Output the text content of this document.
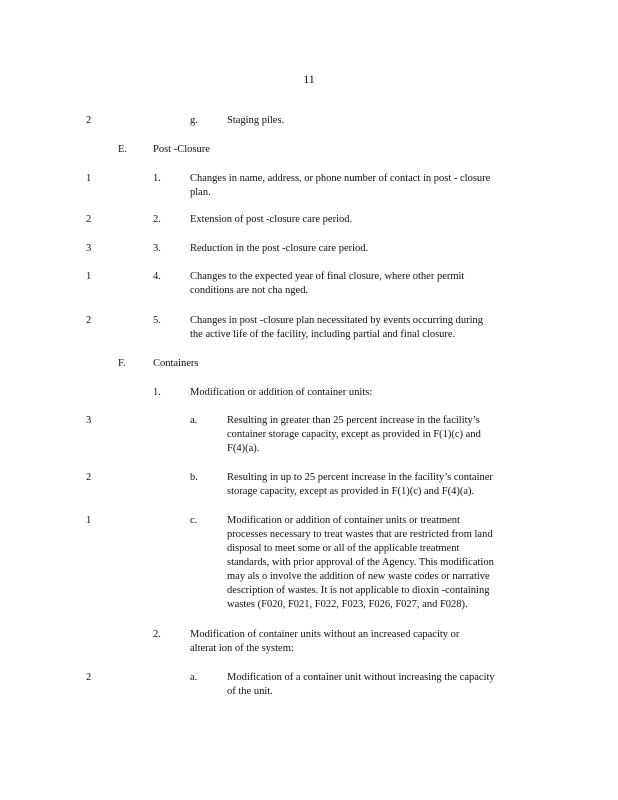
11
2	g.	Staging piles.
E. Post -Closure
1	1.	Changes in name, address, or phone number of contact in post - closure
plan.
2	2.	Extension of post -closure care period.
3	3.	Reduction in the post -closure care period.
1	4.	Changes to the expected year of final closure, where other permit
conditions are not cha nged.
2	5.	Changes in post -closure plan necessitated by events occurring during
the active life of the facility, including partial and final closure.
F.	Containers
1.	Modification or addition of container units:
3	a.	Resulting in greater than 25 percent increase in the facility’s
container storage capacity, except as provided in F(1)(c) and
F(4)(a).
2	b.	Resulting in up to 25 percent increase in the facility’s container
storage capacity, except as provided in F(1)(c) and F(4)(a).
1	c.	Modification or addition of container units or treatment
processes necessary to treat wastes that are restricted from land
disposal to meet some or all of the applicable treatment
standards, with prior approval of the Agency. This modification
may als o involve the addition of new waste codes or narrative
description of wastes. It is not applicable to dioxin -containing
wastes (F020, F021, F022, F023, F026, F027, and F028).
2.	Modification of container units without an increased capacity or
alterat ion of the system:
2	a.	Modification of a container unit without increasing the capacity
of the unit.
